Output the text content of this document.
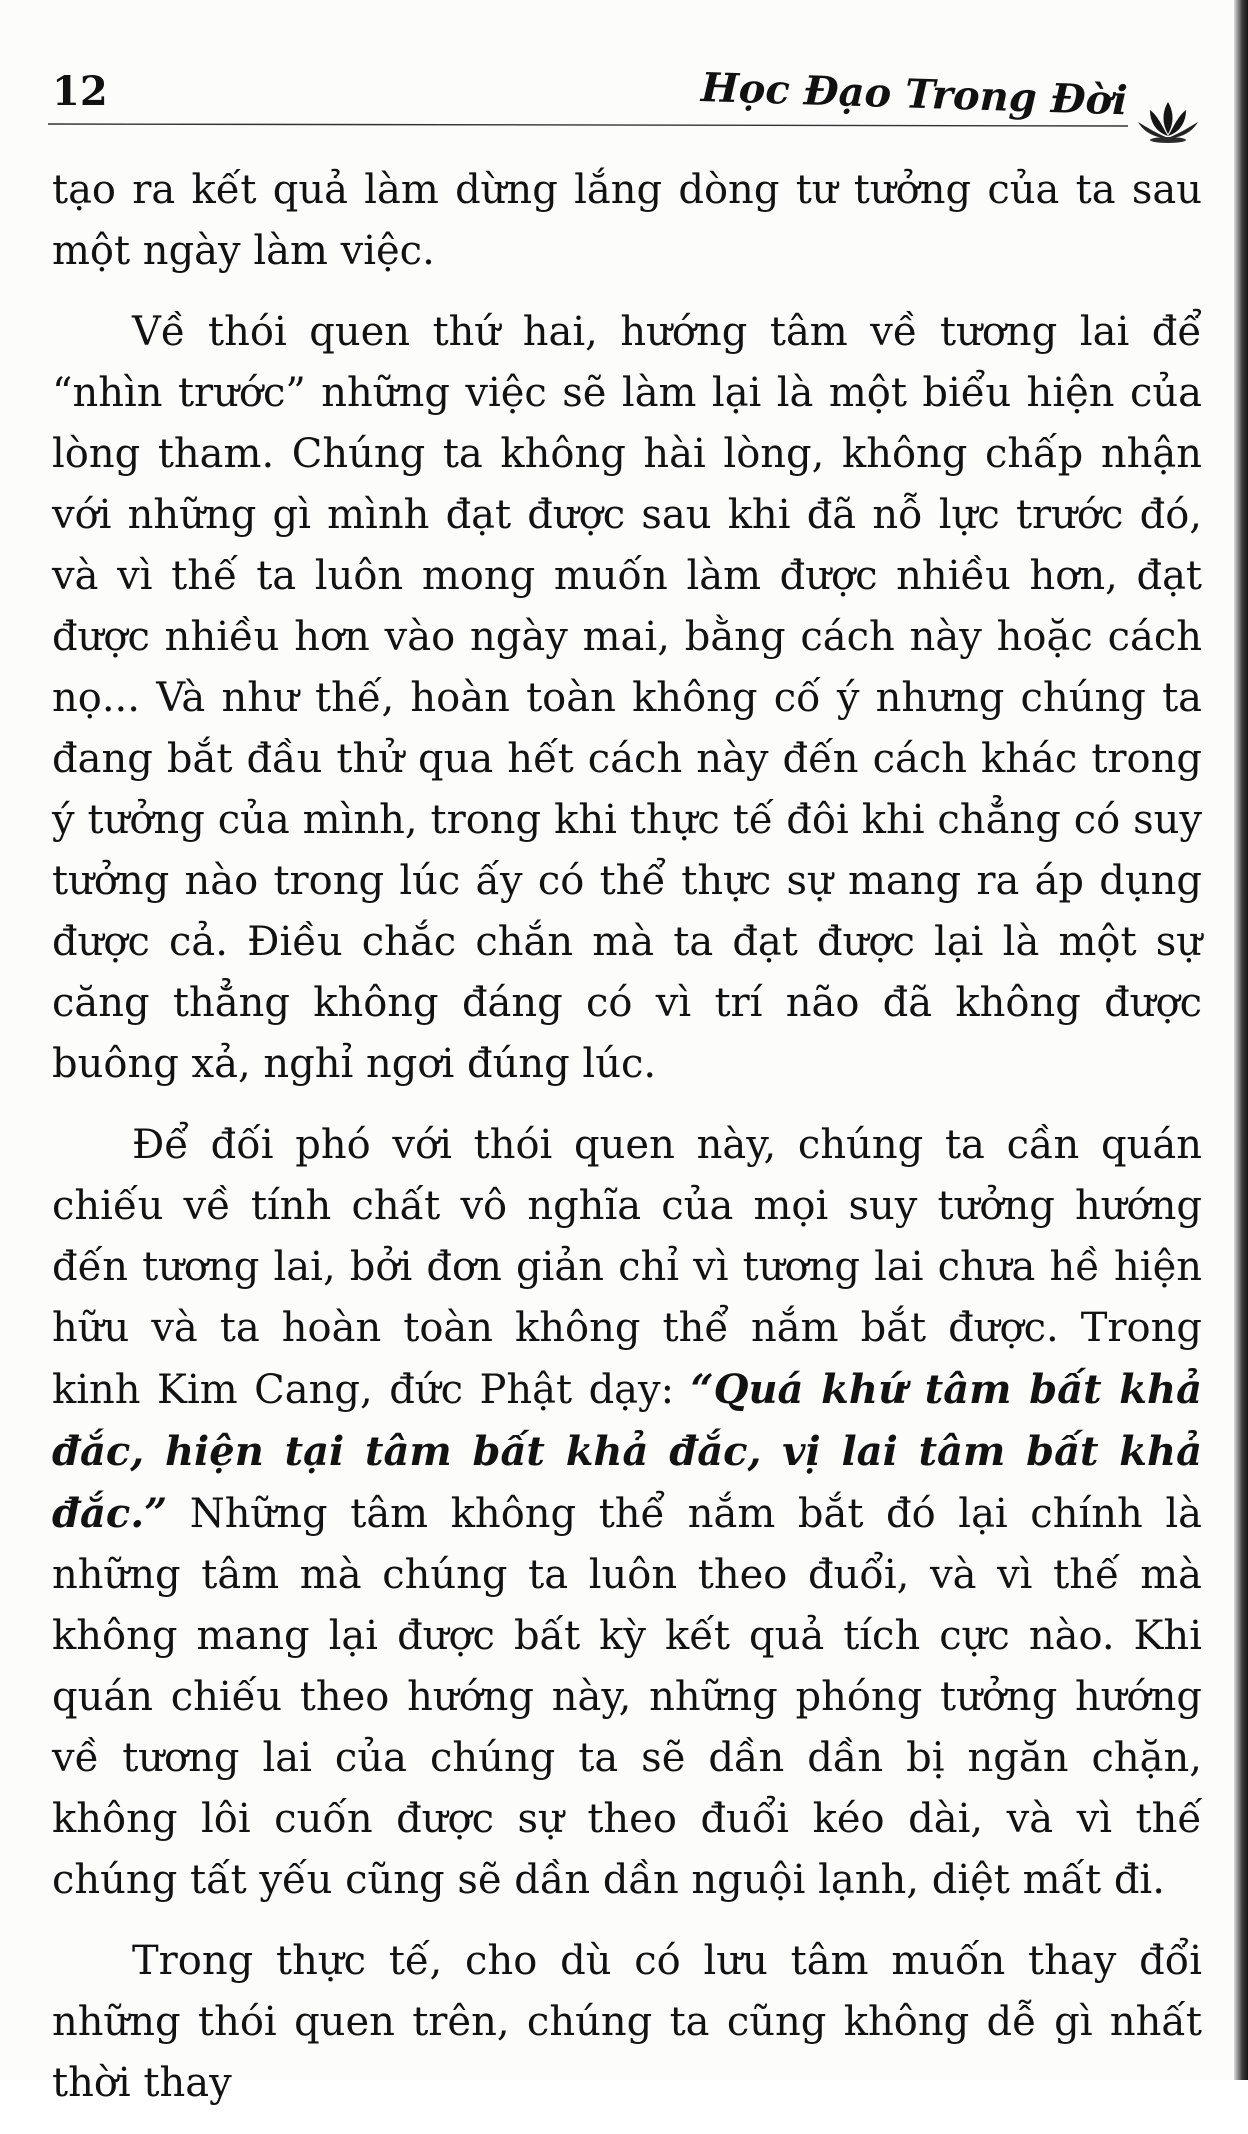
12	Học Đạo Trong Đời

tạo ra kết quả làm dừng lắng dòng tư tưởng của ta sau một ngày làm việc.

Về thói quen thứ hai, hướng tâm về tương lai để “nhìn trước” những việc sẽ làm lại là một biểu hiện của lòng tham. Chúng ta không hài lòng, không chấp nhận với những gì mình đạt được sau khi đã nỗ lực trước đó, và vì thế ta luôn mong muốn làm được nhiều hơn, đạt được nhiều hơn vào ngày mai, bằng cách này hoặc cách nọ... Và như thế, hoàn toàn không cố ý nhưng chúng ta đang bắt đầu thử qua hết cách này đến cách khác trong ý tưởng của mình, trong khi thực tế đôi khi chẳng có suy tưởng nào trong lúc ấy có thể thực sự mang ra áp dụng được cả. Điều chắc chắn mà ta đạt được lại là một sự căng thẳng không đáng có vì trí não đã không được buông xả, nghỉ ngơi đúng lúc.

Để đối phó với thói quen này, chúng ta cần quán chiếu về tính chất vô nghĩa của mọi suy tưởng hướng đến tương lai, bởi đơn giản chỉ vì tương lai chưa hề hiện hữu và ta hoàn toàn không thể nắm bắt được. Trong kinh Kim Cang, đức Phật dạy: “Quá khứ tâm bất khả đắc, hiện tại tâm bất khả đắc, vị lai tâm bất khả đắc.” Những tâm không thể nắm bắt đó lại chính là những tâm mà chúng ta luôn theo đuổi, và vì thế mà không mang lại được bất kỳ kết quả tích cực nào. Khi quán chiếu theo hướng này, những phóng tưởng hướng về tương lai của chúng ta sẽ dần dần bị ngăn chặn, không lôi cuốn được sự theo đuổi kéo dài, và vì thế chúng tất yếu cũng sẽ dần dần nguội lạnh, diệt mất đi.

Trong thực tế, cho dù có lưu tâm muốn thay đổi những thói quen trên, chúng ta cũng không dễ gì nhất thời thay
